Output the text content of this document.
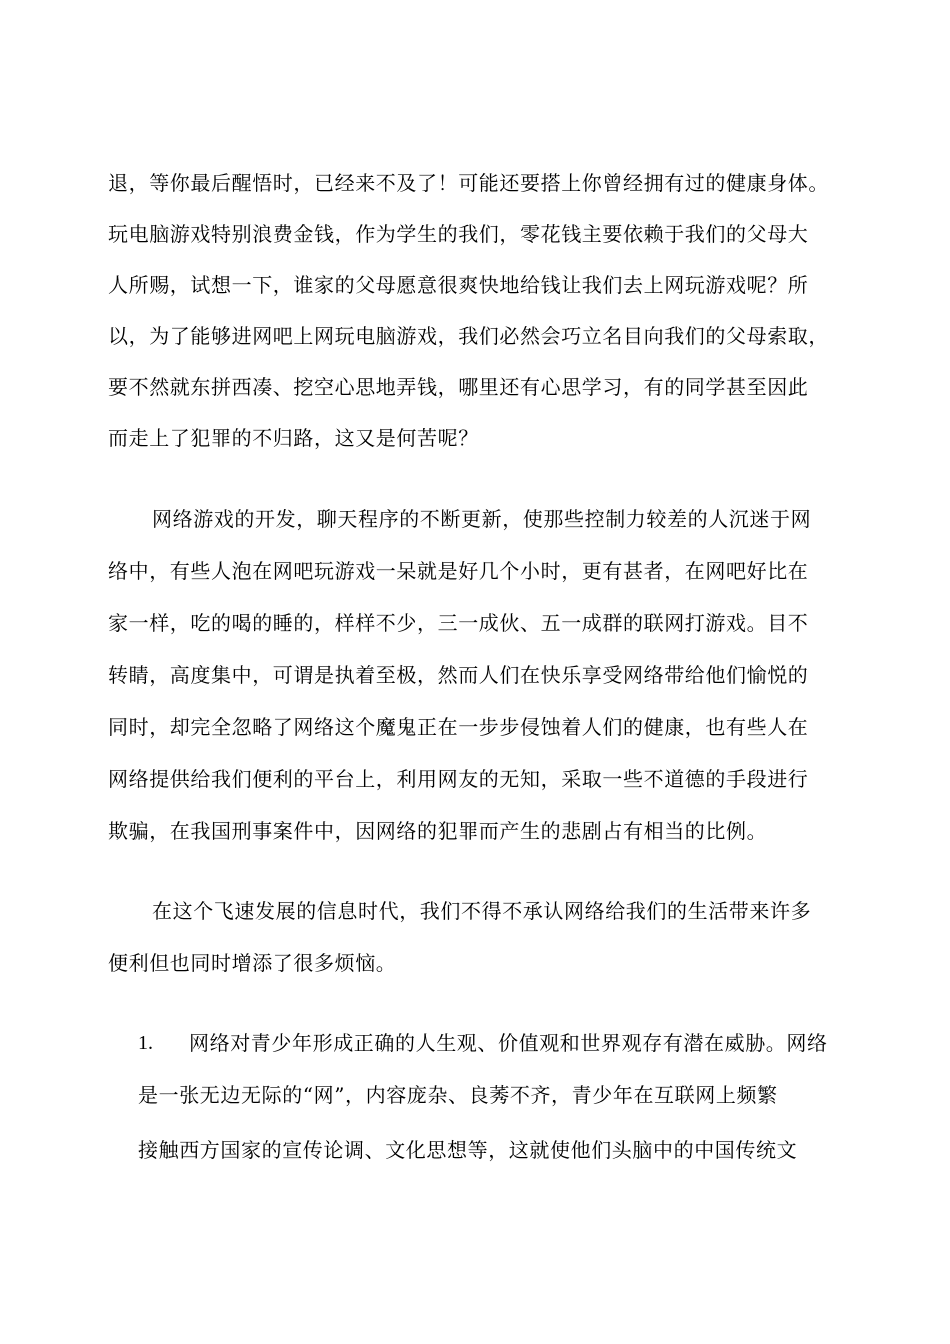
退，等你最后醒悟时，已经来不及了！可能还要搭上你曾经拥有过的健康身体。
玩电脑游戏特别浪费金钱，作为学生的我们，零花钱主要依赖于我们的父母大
人所赐，试想一下，谁家的父母愿意很爽快地给钱让我们去上网玩游戏呢？所
以，为了能够进网吧上网玩电脑游戏，我们必然会巧立名目向我们的父母索取，
要不然就东拼西凑、挖空心思地弄钱，哪里还有心思学习，有的同学甚至因此
而走上了犯罪的不归路，这又是何苦呢？
网络游戏的开发，聊天程序的不断更新，使那些控制力较差的人沉迷于网
络中，有些人泡在网吧玩游戏一呆就是好几个小时，更有甚者，在网吧好比在
家一样，吃的喝的睡的，样样不少，三一成伙、五一成群的联网打游戏。目不
转睛，高度集中，可谓是执着至极，然而人们在快乐享受网络带给他们愉悦的
同时，却完全忽略了网络这个魔鬼正在一步步侵蚀着人们的健康，也有些人在
网络提供给我们便利的平台上，利用网友的无知，采取一些不道德的手段进行
欺骗，在我国刑事案件中，因网络的犯罪而产生的悲剧占有相当的比例。
在这个飞速发展的信息时代，我们不得不承认网络给我们的生活带来许多
便利但也同时增添了很多烦恼。
1. 网络对青少年形成正确的人生观、价值观和世界观存有潜在威胁。网络
是一张无边无际的“网”，内容庞杂、良莠不齐，青少年在互联网上频繁
接触西方国家的宣传论调、文化思想等，这就使他们头脑中的中国传统文
